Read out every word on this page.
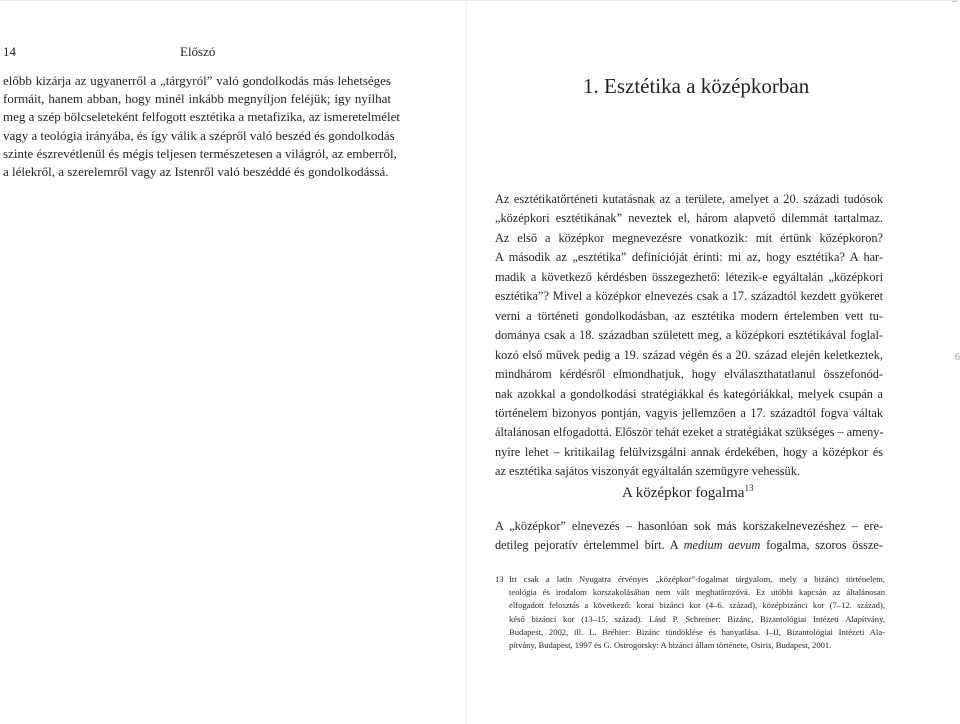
–
6
14	Előszó
előbb kizárja az ugyanerről a „tárgyról” való gondolkodás más lehetséges
formáit, hanem abban, hogy minél inkább megnyíljon feléjük; így nyílhat
meg a szép bölcseleteként felfogott esztétika a metafizika, az ismeretelmélet
vagy a teológia irányába, és így válik a szépről való beszéd és gondolkodás
szinte észrevétlenül és mégis teljesen természetesen a világról, az emberről,
a lélekről, a szerelemről vagy az Istenről való beszéddé és gondolkodássá.
1. Esztétika a középkorban
Az esztétikatörténeti kutatásnak az a területe, amelyet a 20. századi tudósok
„középkori esztétikának” neveztek el, három alapvető dilemmát tartalmaz.
Az első a középkor megnevezésre vonatkozik: mit értünk középkoron?
A második az „esztétika” definícióját érinti: mi az, hogy esztétika? A har-
madik a következő kérdésben összegezhető: létezik-e egyáltalán „középkori
esztétika”? Mivel a középkor elnevezés csak a 17. századtól kezdett gyökeret
verni a történeti gondolkodásban, az esztétika modern értelemben vett tu-
dománya csak a 18. században született meg, a középkori esztétikával foglal-
kozó első művek pedig a 19. század végén és a 20. század elején keletkeztek,
mindhárom kérdésről elmondhatjuk, hogy elválaszthatatlanul összefonód-
nak azokkal a gondolkodási stratégiákkal és kategóriákkal, melyek csupán a
történelem bizonyos pontján, vagyis jellemzően a 17. századtól fogva váltak
általánosan elfogadottá. Először tehát ezeket a stratégiákat szükséges – ameny-
nyire lehet – kritikailag felülvizsgálni annak érdekében, hogy a középkor és
az esztétika sajátos viszonyát egyáltalán szemügyre vehessük.
A középkor fogalma$^{13}$
A „középkor” elnevezés – hasonlóan sok más korszakelnevezéshez – ere-
detileg pejoratív értelemmel bírt. A medium aevum fogalma, szoros össze-
13 Itt csak a latin Nyugatra érvényes „középkor”-fogalmat tárgyalom, mely a bizánci történelem,
teológia és irodalom korszakolásában nem vált meghatározóvá. Ez utóbbi kapcsán az általánosan
elfogadott felosztás a következő: korai bizánci kor (4–6. század), középbizánci kor (7–12. század),
késő bizánci kor (13–15. század). Lásd P. Schreiner: Bizánc, Bizantológiai Intézeti Alapítvány,
Budapest, 2002, ill. L. Bréhier: Bizánc tündöklése és hanyatlása. I–II, Bizantológiai Intézeti Ala-
pítvány, Budapest, 1997 és G. Ostrogorsky: A bizánci állam története, Osiris, Budapest, 2001.
